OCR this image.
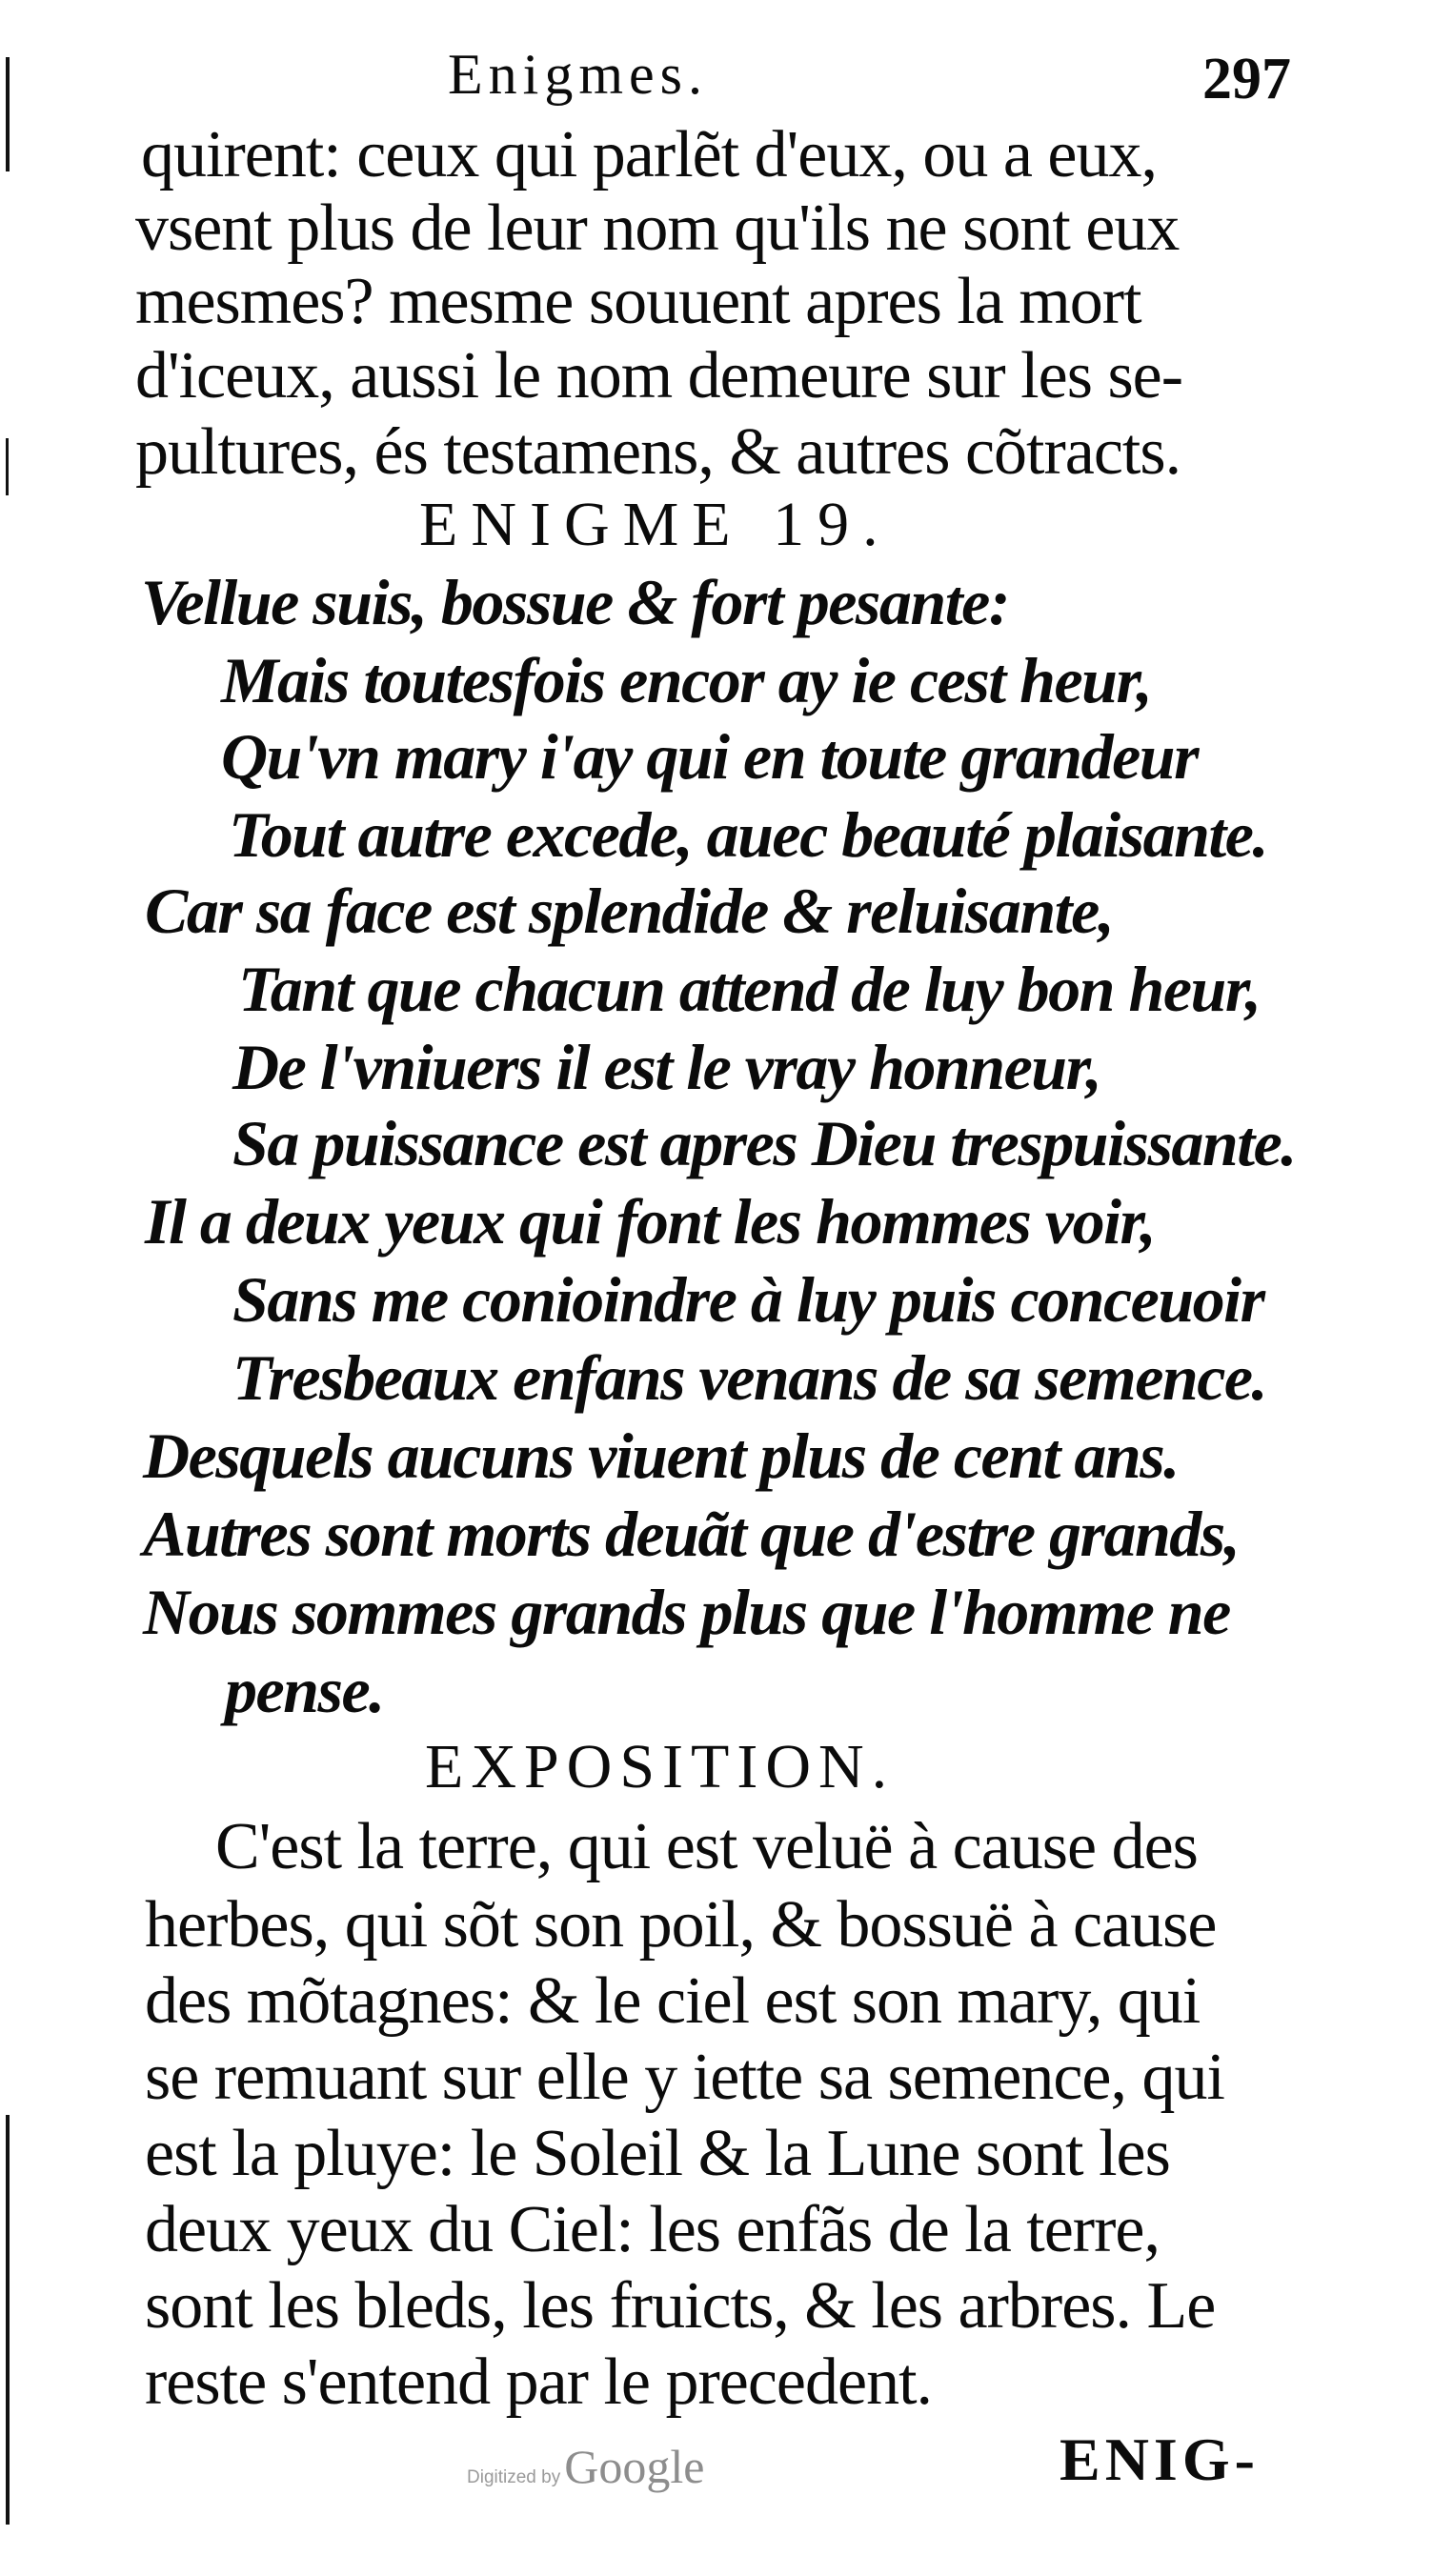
Enigmes.	297
quirent: ceux qui parlẽt d'eux, ou a eux,
vsent plus de leur nom qu'ils ne sont eux
mesmes? mesme souuent apres la mort
d'iceux, aussi le nom demeure sur les se-
pultures, és testamens, & autres cõtracts.
ENIGME 19.
Vellue suis, bossue & fort pesante:
Mais toutesfois encor ay ie cest heur,
Qu'vn mary i'ay qui en toute grandeur
Tout autre excede, auec beauté plaisante.
Car sa face est splendide & reluisante,
Tant que chacun attend de luy bon heur,
De l'vniuers il est le vray honneur,
Sa puissance est apres Dieu trespuissante.
Il a deux yeux qui font les hommes voir,
Sans me conioindre à luy puis conceuoir
Tresbeaux enfans venans de sa semence.
Desquels aucuns viuent plus de cent ans.
Autres sont morts deuãt que d'estre grands,
Nous sommes grands plus que l'homme ne
pense.
EXPOSITION.
C'est la terre, qui est veluë à cause des
herbes, qui sõt son poil, & bossuë à cause
des mõtagnes: & le ciel est son mary, qui
se remuant sur elle y iette sa semence, qui
est la pluye: le Soleil & la Lune sont les
deux yeux du Ciel: les enfãs de la terre,
sont les bleds, les fruicts, & les arbres. Le
reste s'entend par le precedent.
Digitized byGoogle	ENIG-
